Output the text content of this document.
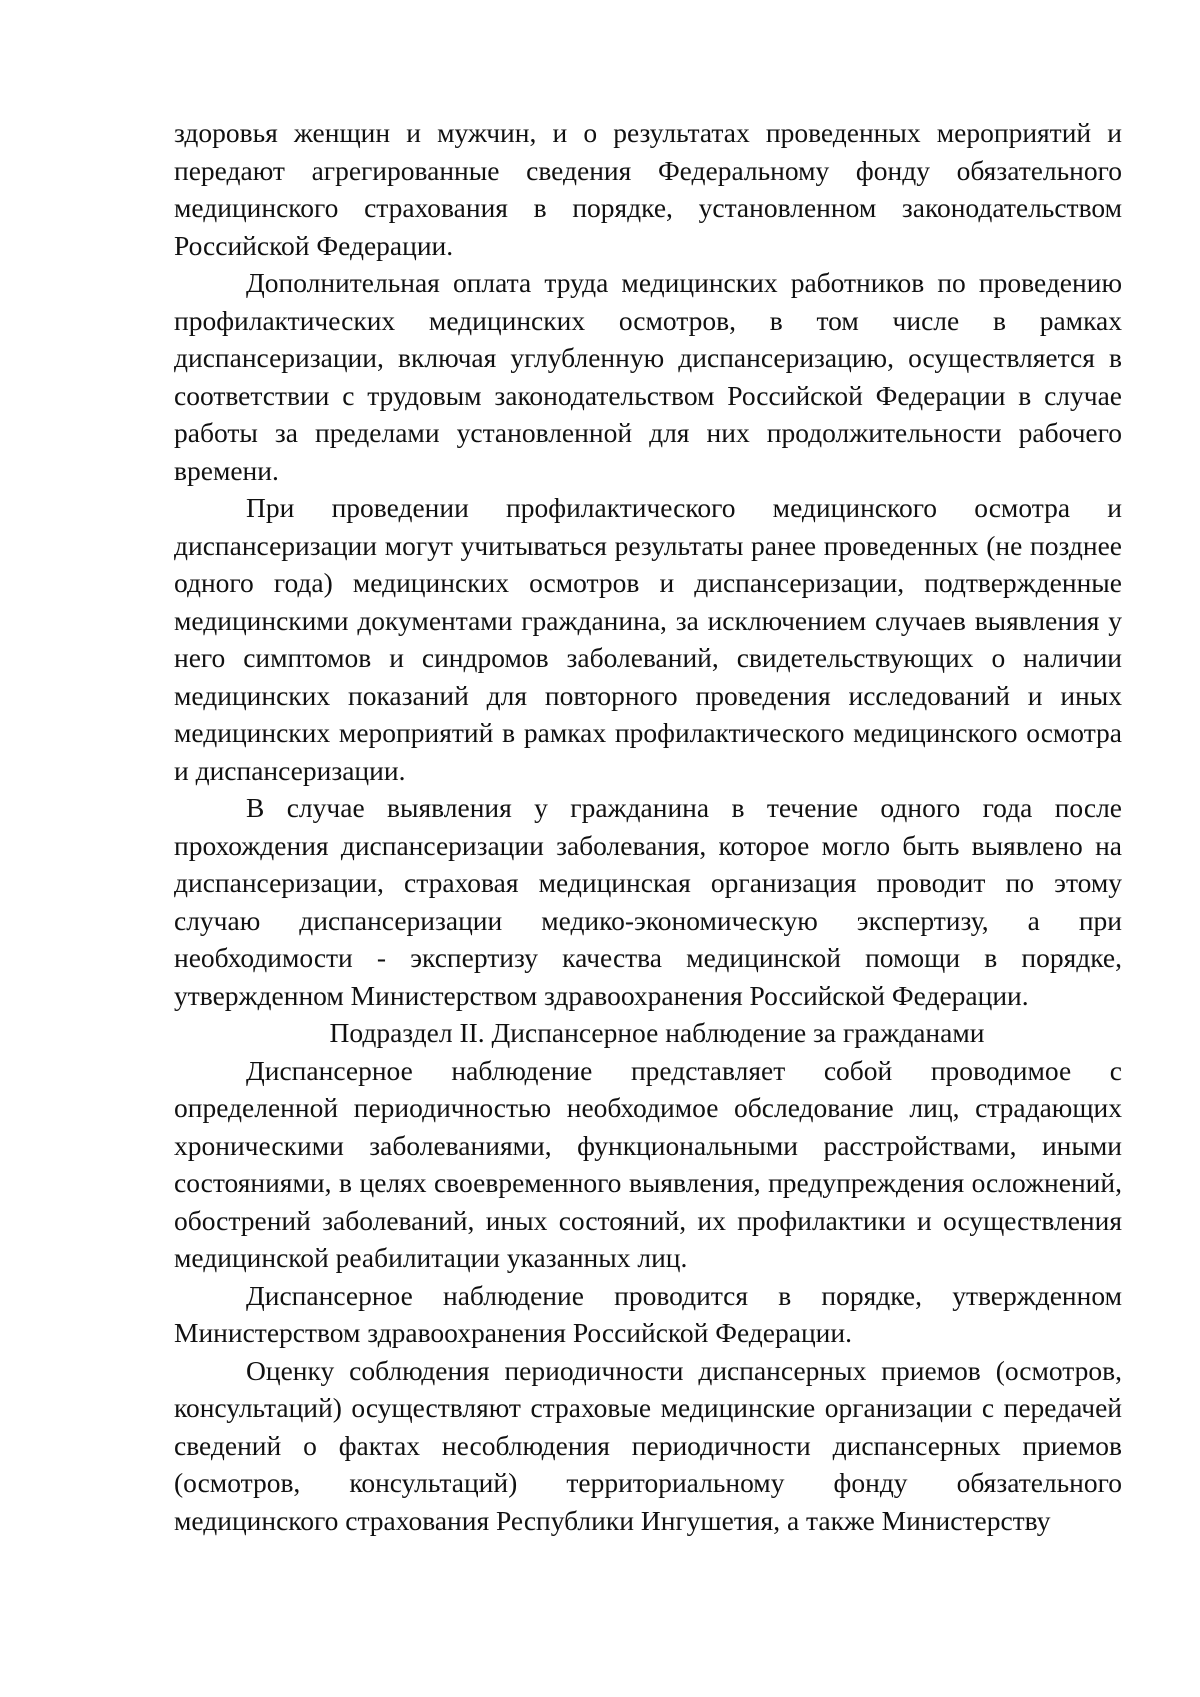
здоровья женщин и мужчин, и о результатах проведенных мероприятий и передают агрегированные сведения Федеральному фонду обязательного медицинского страхования в порядке, установленном законодательством Российской Федерации.

Дополнительная оплата труда медицинских работников по проведению профилактических медицинских осмотров, в том числе в рамках диспансеризации, включая углубленную диспансеризацию, осуществляется в соответствии с трудовым законодательством Российской Федерации в случае работы за пределами установленной для них продолжительности рабочего времени.

При проведении профилактического медицинского осмотра и диспансеризации могут учитываться результаты ранее проведенных (не позднее одного года) медицинских осмотров и диспансеризации, подтвержденные медицинскими документами гражданина, за исключением случаев выявления у него симптомов и синдромов заболеваний, свидетельствующих о наличии медицинских показаний для повторного проведения исследований и иных медицинских мероприятий в рамках профилактического медицинского осмотра и диспансеризации.

В случае выявления у гражданина в течение одного года после прохождения диспансеризации заболевания, которое могло быть выявлено на диспансеризации, страховая медицинская организация проводит по этому случаю диспансеризации медико-экономическую экспертизу, а при необходимости - экспертизу качества медицинской помощи в порядке, утвержденном Министерством здравоохранения Российской Федерации.

Подраздел II. Диспансерное наблюдение за гражданами

Диспансерное наблюдение представляет собой проводимое с определенной периодичностью необходимое обследование лиц, страдающих хроническими заболеваниями, функциональными расстройствами, иными состояниями, в целях своевременного выявления, предупреждения осложнений, обострений заболеваний, иных состояний, их профилактики и осуществления медицинской реабилитации указанных лиц.

Диспансерное наблюдение проводится в порядке, утвержденном Министерством здравоохранения Российской Федерации.

Оценку соблюдения периодичности диспансерных приемов (осмотров, консультаций) осуществляют страховые медицинские организации с передачей сведений о фактах несоблюдения периодичности диспансерных приемов (осмотров, консультаций) территориальному фонду обязательного медицинского страхования Республики Ингушетия, а также Министерству
